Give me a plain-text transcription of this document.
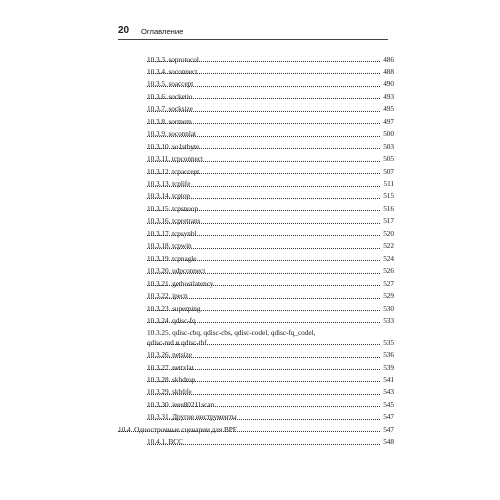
20 Оглавление
10.3.3. soprotocol	486
10.3.4. soconnect	488
10.3.5. soaccept	490
10.3.6. socketio	493
10.3.7. socksize	495
10.3.8. sormem	497
10.3.9. soconnlat	500
10.3.10. so1stbyte	503
10.3.11. tcpconnect	505
10.3.12. tcpaccept	507
10.3.13. tcplife	511
10.3.14. tcptop	515
10.3.15. tcpsnoop	516
10.3.16. tcpretrans	517
10.3.17. tcpsynbl	520
10.3.18. tcpwin	522
10.3.19. tcpnagle	524
10.3.20. udpconnect	526
10.3.21. gethostlatency	527
10.3.22. ipecn	529
10.3.23. superping	530
10.3.24. qdisc-fq	533
10.3.25. qdisc-cbq, qdisc-cbs, qdisc-codel, qdisc-fq_codel,
qdisc-red и qdisc-tbf	535
10.3.26. netsize	536
10.3.27. nettxlat	539
10.3.28. skbdrop	541
10.3.29. skblife	543
10.3.30. ieee80211scan	545
10.3.31. Другие инструменты	547
10.4. Однострочные сценарии для BPF	547
10.4.1. BCC	548
